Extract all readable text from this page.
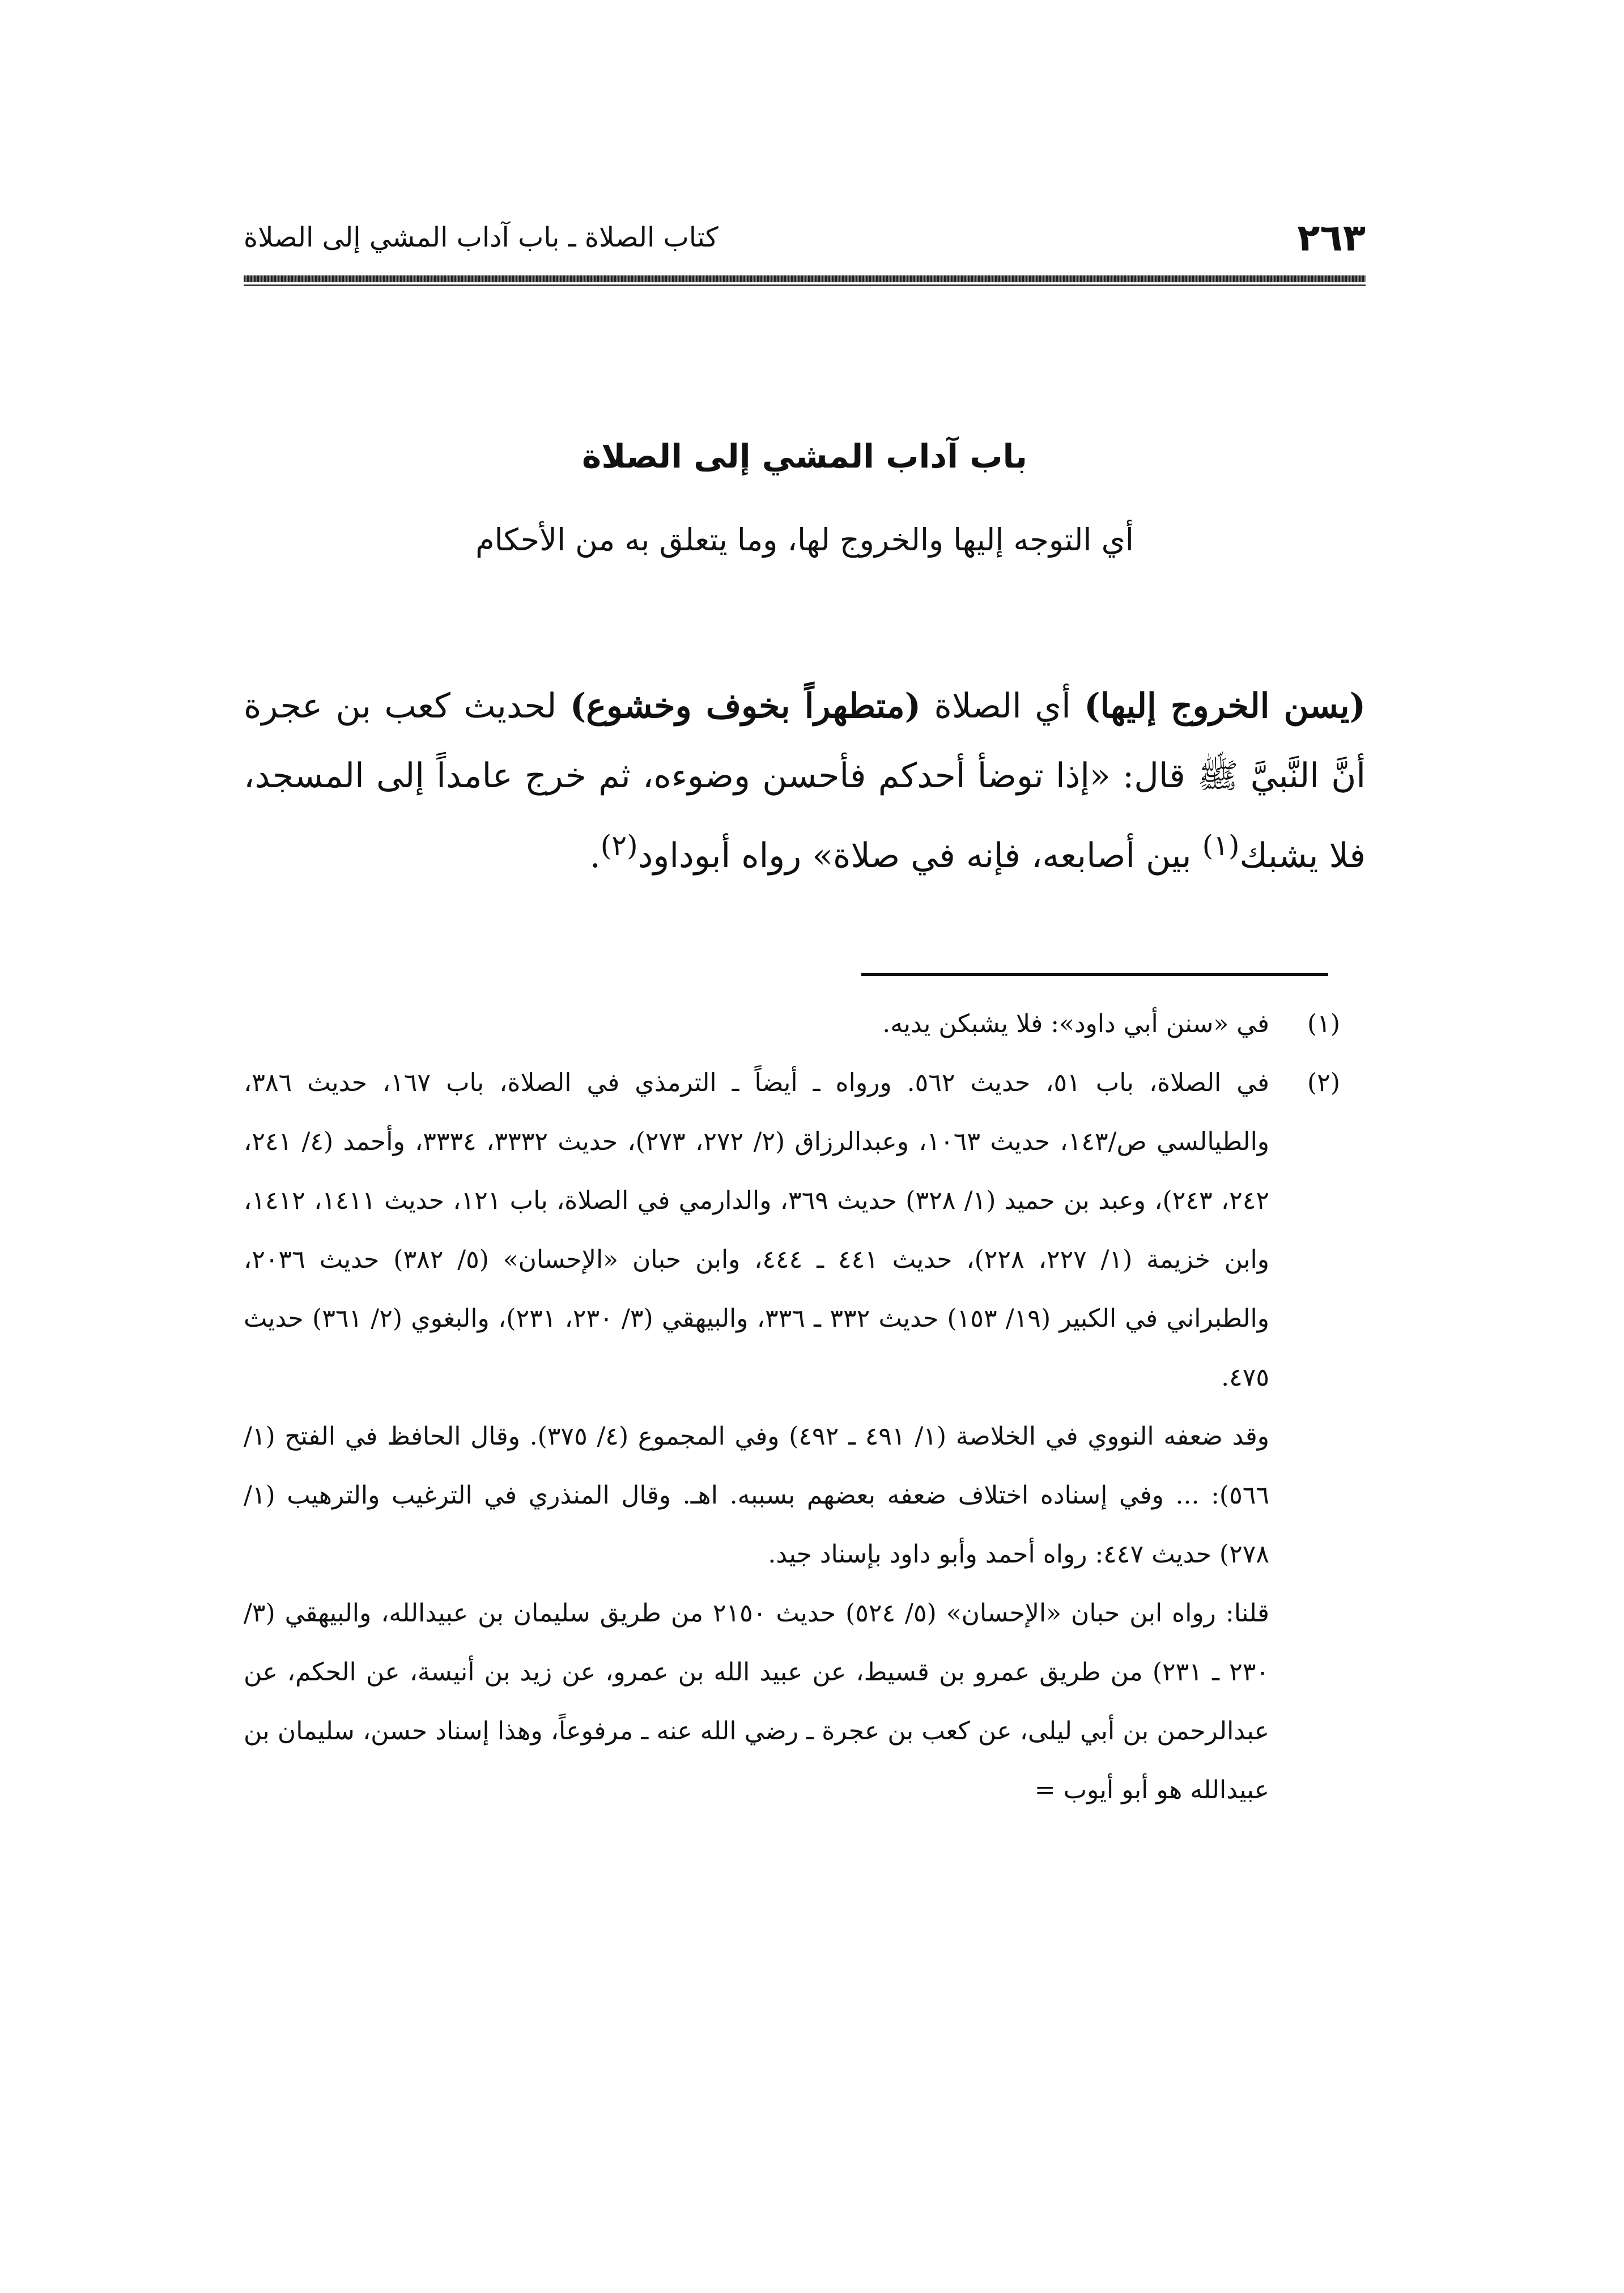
٢٦٣
كتاب الصلاة ـ باب آداب المشي إلى الصلاة
باب آداب المشي إلى الصلاة
أي التوجه إليها والخروج لها، وما يتعلق به من الأحكام
(يسن الخروج إليها) أي الصلاة (متطهراً بخوف وخشوع) لحديث كعب بن عجرة أنَّ النَّبيَّ ﷺ قال: «إذا توضأ أحدكم فأحسن وضوءه، ثم خرج عامداً إلى المسجد، فلا يشبك$^{(١)}$ بين أصابعه، فإنه في صلاة» رواه أبوداود$^{(٢)}$.
(١)

في «سنن أبي داود»: فلا يشبكن يديه.

(٢)

في الصلاة، باب ٥١، حديث ٥٦٢. ورواه ـ أيضاً ـ الترمذي في الصلاة، باب ١٦٧، حديث ٣٨٦، والطيالسي ص/١٤٣، حديث ١٠٦٣، وعبدالرزاق (٢/ ٢٧٢، ٢٧٣)، حديث ٣٣٣٢، ٣٣٣٤، وأحمد (٤/ ٢٤١، ٢٤٢، ٢٤٣)، وعبد بن حميد (١/ ٣٢٨) حديث ٣٦٩، والدارمي في الصلاة، باب ١٢١، حديث ١٤١١، ١٤١٢، وابن خزيمة (١/ ٢٢٧، ٢٢٨)، حديث ٤٤١ ـ ٤٤٤، وابن حبان «الإحسان» (٥/ ٣٨٢) حديث ٢٠٣٦، والطبراني في الكبير (١٩/ ١٥٣) حديث ٣٣٢ ـ ٣٣٦، والبيهقي (٣/ ٢٣٠، ٢٣١)، والبغوي (٢/ ٣٦١) حديث ٤٧٥.

وقد ضعفه النووي في الخلاصة (١/ ٤٩١ ـ ٤٩٢) وفي المجموع (٤/ ٣٧٥). وقال الحافظ في الفتح (١/ ٥٦٦): ... وفي إسناده اختلاف ضعفه بعضهم بسببه. اهـ. وقال المنذري في الترغيب والترهيب (١/ ٢٧٨) حديث ٤٤٧: رواه أحمد وأبو داود بإسناد جيد.

قلنا: رواه ابن حبان «الإحسان» (٥/ ٥٢٤) حديث ٢١٥٠ من طريق سليمان بن عبيدالله، والبيهقي (٣/ ٢٣٠ ـ ٢٣١) من طريق عمرو بن قسيط، عن عبيد الله بن عمرو، عن زيد بن أنيسة، عن الحكم، عن عبدالرحمن بن أبي ليلى، عن كعب بن عجرة ـ رضي الله عنه ـ مرفوعاً، وهذا إسناد حسن، سليمان بن عبيدالله هو أبو أيوب =
